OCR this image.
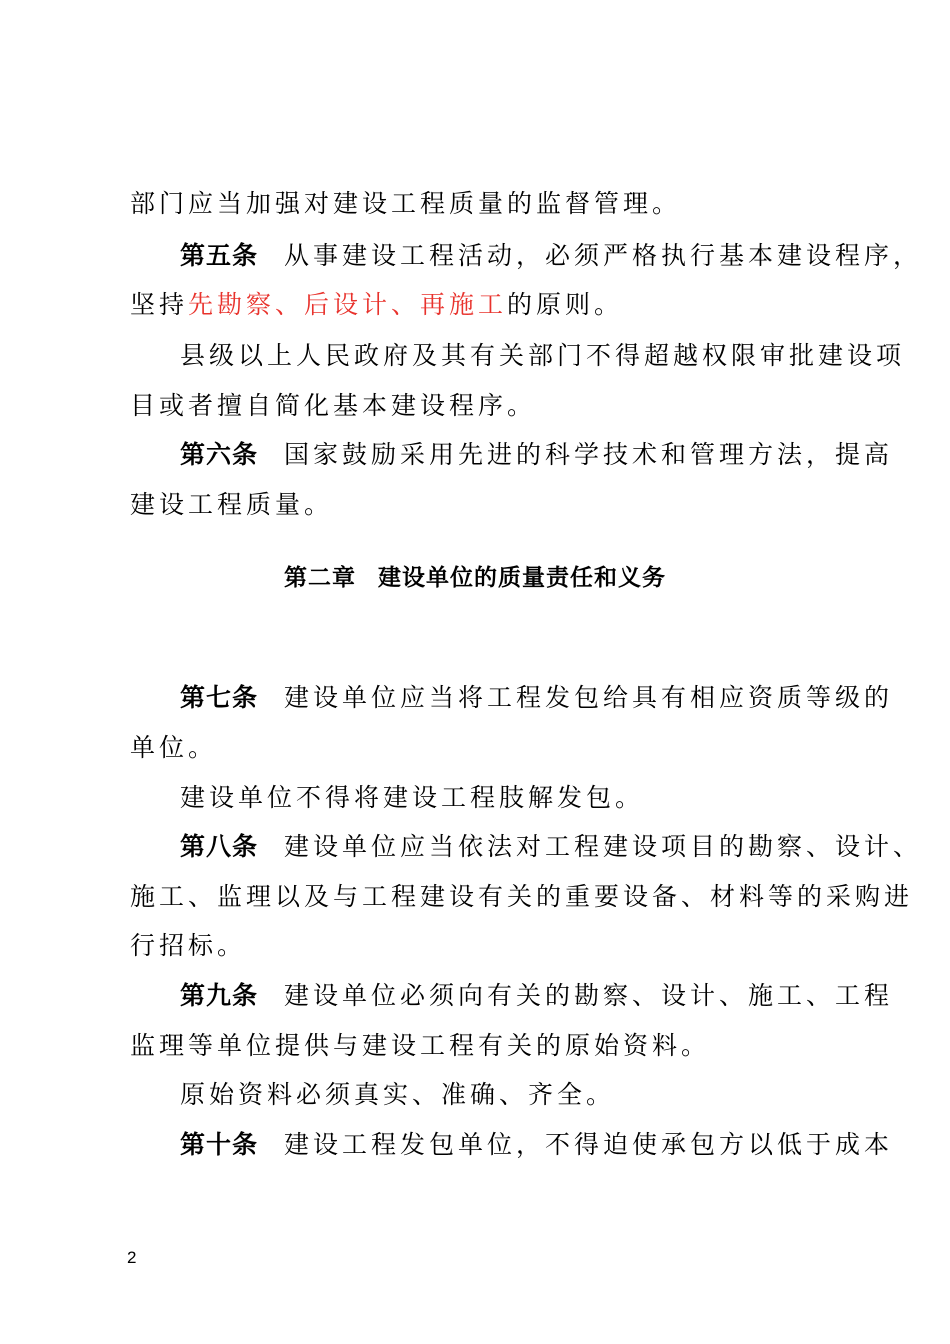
部门应当加强对建设工程质量的监督管理。
第五条 从事建设工程活动，必须严格执行基本建设程序，
坚持先勘察、后设计、再施工的原则。
县级以上人民政府及其有关部门不得超越权限审批建设项
目或者擅自简化基本建设程序。
第六条 国家鼓励采用先进的科学技术和管理方法，提高
建设工程质量。
第二章 建设单位的质量责任和义务
第七条 建设单位应当将工程发包给具有相应资质等级的
单位。
建设单位不得将建设工程肢解发包。
第八条 建设单位应当依法对工程建设项目的勘察、设计、
施工、监理以及与工程建设有关的重要设备、材料等的采购进
行招标。
第九条 建设单位必须向有关的勘察、设计、施工、工程
监理等单位提供与建设工程有关的原始资料。
原始资料必须真实、准确、齐全。
第十条 建设工程发包单位，不得迫使承包方以低于成本
2
